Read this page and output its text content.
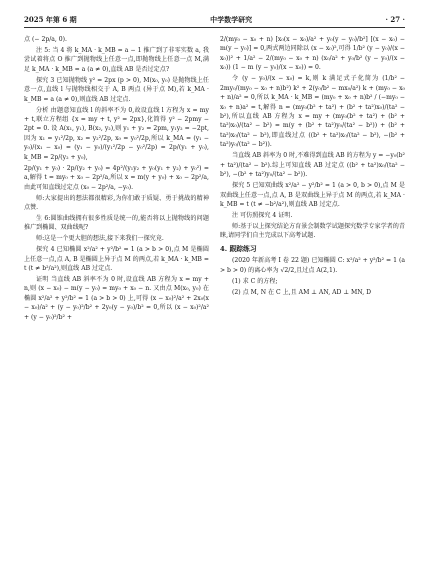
2025 年第 6 期	中学数学研究	· 27 ·

点 (− 2p/a, 0).

注 5: 当 4 将 k_MA · k_MB = a − 1 推广到了非零实数 a, 我尝试着将点 O 推广到抛物线上任意一点,即抛物线上任意一点 M,满足 k_MA · k_MB = a (a ≠ 0),直线 AB 是否过定点?

探究 3 已知抛物线 y² = 2px (p > 0), M(x₀, y₀) 是抛物线上任意一点,直线 l 与抛物线相交于 A, B 两点 (异于点 M),若 k_MA · k_MB = a (a ≠ 0),则直线 AB 过定点.

分析 由题意知直线 l 的斜率不为 0,故设直线 l 方程为 x = my + t,联立方程组 {x = my + t, y² = 2px},化简得 y² − 2pmy − 2pt = 0. 设 A(x₁, y₁), B(x₂, y₂),则 y₁ + y₂ = 2pm, y₁y₂ = −2pt,因为 x₁ = y₁²/2p, x₂ = y₂²/2p, x₀ = y₀²/2p,所以 k_MA = (y₁ − y₀)/(x₁ − x₀) = (y₁ − y₀)/(y₁²/2p − y₀²/2p) = 2p/(y₁ + y₀), k_MB = 2p/(y₂ + y₀),

2p/(y₁ + y₀) · 2p/(y₂ + y₀) = 4p²/(y₁y₂ + y₀(y₁ + y₂) + y₀²) = a,解得 t = my₀ + x₀ − 2p²/a,所以 x = m(y + y₀) + x₀ − 2p²/a,由此可知直线过定点 (x₀ − 2p²/a, −y₀).

师:大家提出的想法都很精彩,为你们敢于质疑、勇于挑战的精神点赞.

生 6:圆锥曲线拥有很多性质是统一的,能否将以上抛物线的问题推广到椭圆、双曲线呢?

师:这是一个更大胆的想法,接下来我们一探究竟.

探究 4 已知椭圆 x²/a² + y²/b² = 1 (a > b > 0),点 M 是椭圆上任意一点,点 A, B 是椭圆上异于点 M 的两点,若 k_MA · k_MB = t (t ≠ b²/a²),则直线 AB 过定点.

证明 当直线 AB 斜率不为 0 时,设直线 AB 方程为 x = my + n,则 (x − x₀) − m(y − y₀) = my₀ + x₀ − n. 又由点 M(x₀, y₀) 在椭圆 x²/a² + y²/b² = 1 (a > b > 0) 上,可得 (x − x₀)²/a² + 2x₀(x − x₀)/a² + (y − y₀)²/b² + 2y₀(y − y₀)/b² = 0,所以 (x − x₀)²/a² + (y − y₀)²/b² +

2/(my₀ − x₀ + n) [x₀(x − x₀)/a² + y₀(y − y₀)/b²] [(x − x₀) − m(y − y₀)] = 0,两式两边同除以 (x − x₀)²,可得 1/b² (y − y₀)/(x − x₀))² + 1/a² − 2/(my₀ − x₀ + n) (x₀/a² + y₀/b² (y − y₀)/(x − x₀)) (1 − m (y − y₀)/(x − x₀)) = 0.

令 (y − y₀)/(x − x₀) = k,则 k 满足式子化简为 (1/b² − 2my₀/(my₀ − x₀ + n)b²) k² + 2(y₀/b² − mx₀/a²) k + (my₀ − x₀ + n)/a² = 0,所以 k_MA · k_MB = (my₀ + x₀ + n)b² / (−my₀ − x₀ + n)a² = t,解得 n = (my₀(b² + ta²) + (b² + ta²)x₀)/(ta² − b²),所以直线 AB 方程为 x = my + (my₀(b² + ta²) + (b² + ta²)x₀)/(ta² − b²) = m(y + (b² + ta²)y₀/(ta² − b²)) + (b² + ta²)x₀/(ta² − b²),即直线过点 ((b² + ta²)x₀/(ta² − b²), −(b² + ta²)y₀/(ta² − b²)).

当直线 AB 斜率为 0 时,不难得到直线 AB 的方程为 y = −y₀(b² + ta²)/(ta² − b²).综上可知直线 AB 过定点 ((b² + ta²)x₀/(ta² − b²), −(b² + ta²)y₀/(ta² − b²)).

探究 5 已知双曲线 x²/a² − y²/b² = 1 (a > 0, b > 0),点 M 是双曲线上任意一点,点 A, B 是双曲线上异于点 M 的两点,若 k_MA · k_MB = t (t ≠ −b²/a²),则直线 AB 过定点.

注 可仿照探究 4 证明.

师:基于以上探究结论方育景会制数学试题探究数学专家学者的青睐,请同学们自主完成以下高考试题.

4. 跟踪练习

(2020 年新高考 Ⅰ 卷 22 题) 已知椭圆 C: x²/a² + y²/b² = 1 (a > b > 0) 的离心率为 √2/2,且过点 A(2,1).

(1) 求 C 的方程;

(2) 点 M, N 在 C 上,且 AM ⊥ AN, AD ⊥ MN, D
